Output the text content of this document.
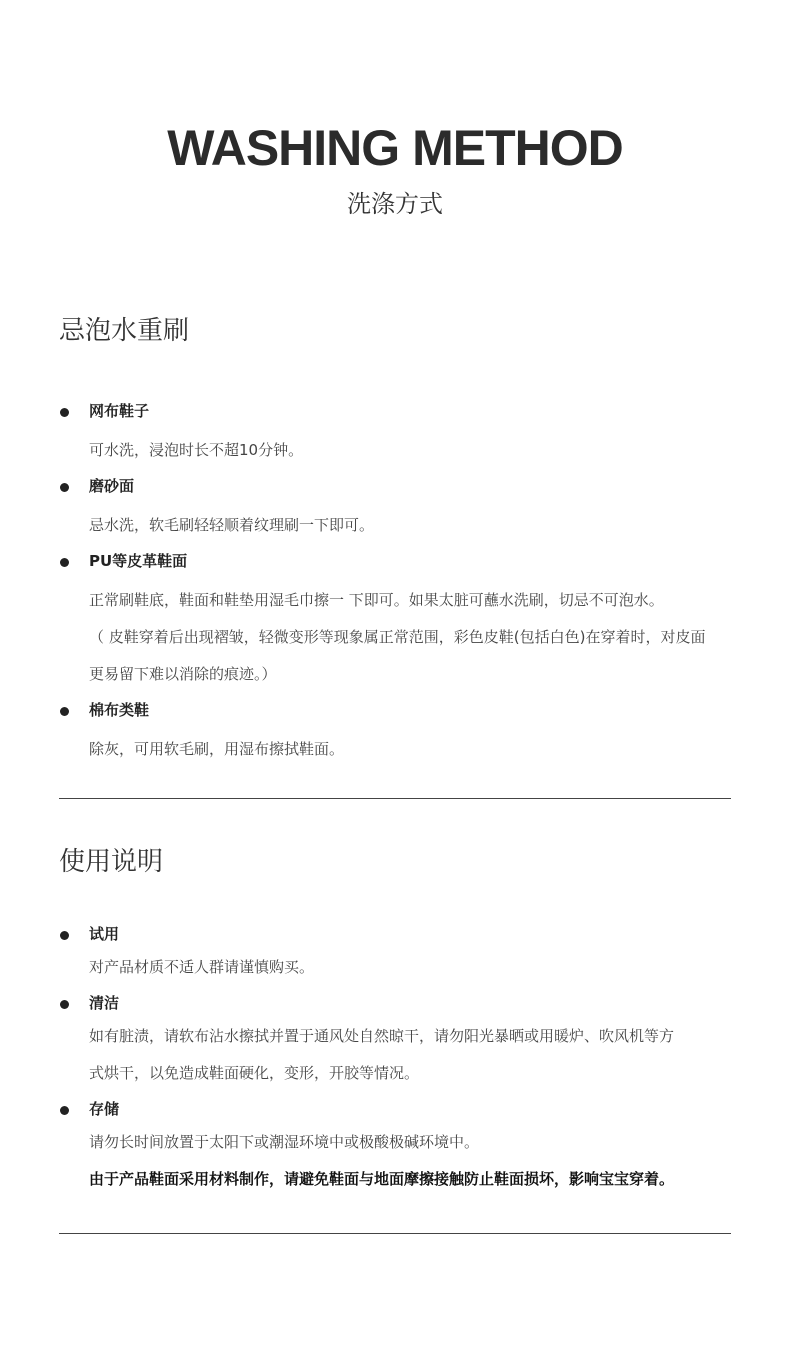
WASHING METHOD
洗涤方式
忌泡水重刷
网布鞋子

可水洗，浸泡时长不超10分钟。

磨砂面

忌水洗，软毛刷轻轻顺着纹理刷一下即可。

PU等皮革鞋面

正常刷鞋底，鞋面和鞋垫用湿毛巾擦一 下即可。如果太脏可蘸水洗刷，切忌不可泡水。

（ 皮鞋穿着后出现褶皱，轻微变形等现象属正常范围，彩色皮鞋(包括白色)在穿着时，对皮面

更易留下难以消除的痕迹。）

棉布类鞋

除灰，可用软毛刷，用湿布擦拭鞋面。

使用说明
试用

对产品材质不适人群请谨慎购买。

清洁

如有脏渍，请软布沾水擦拭并置于通风处自然晾干，请勿阳光暴晒或用暖炉、吹风机等方

式烘干，以免造成鞋面硬化，变形，开胶等情况。

存储

请勿长时间放置于太阳下或潮湿环境中或极酸极碱环境中。

由于产品鞋面采用材料制作，请避免鞋面与地面摩擦接触防止鞋面损坏，影响宝宝穿着。
